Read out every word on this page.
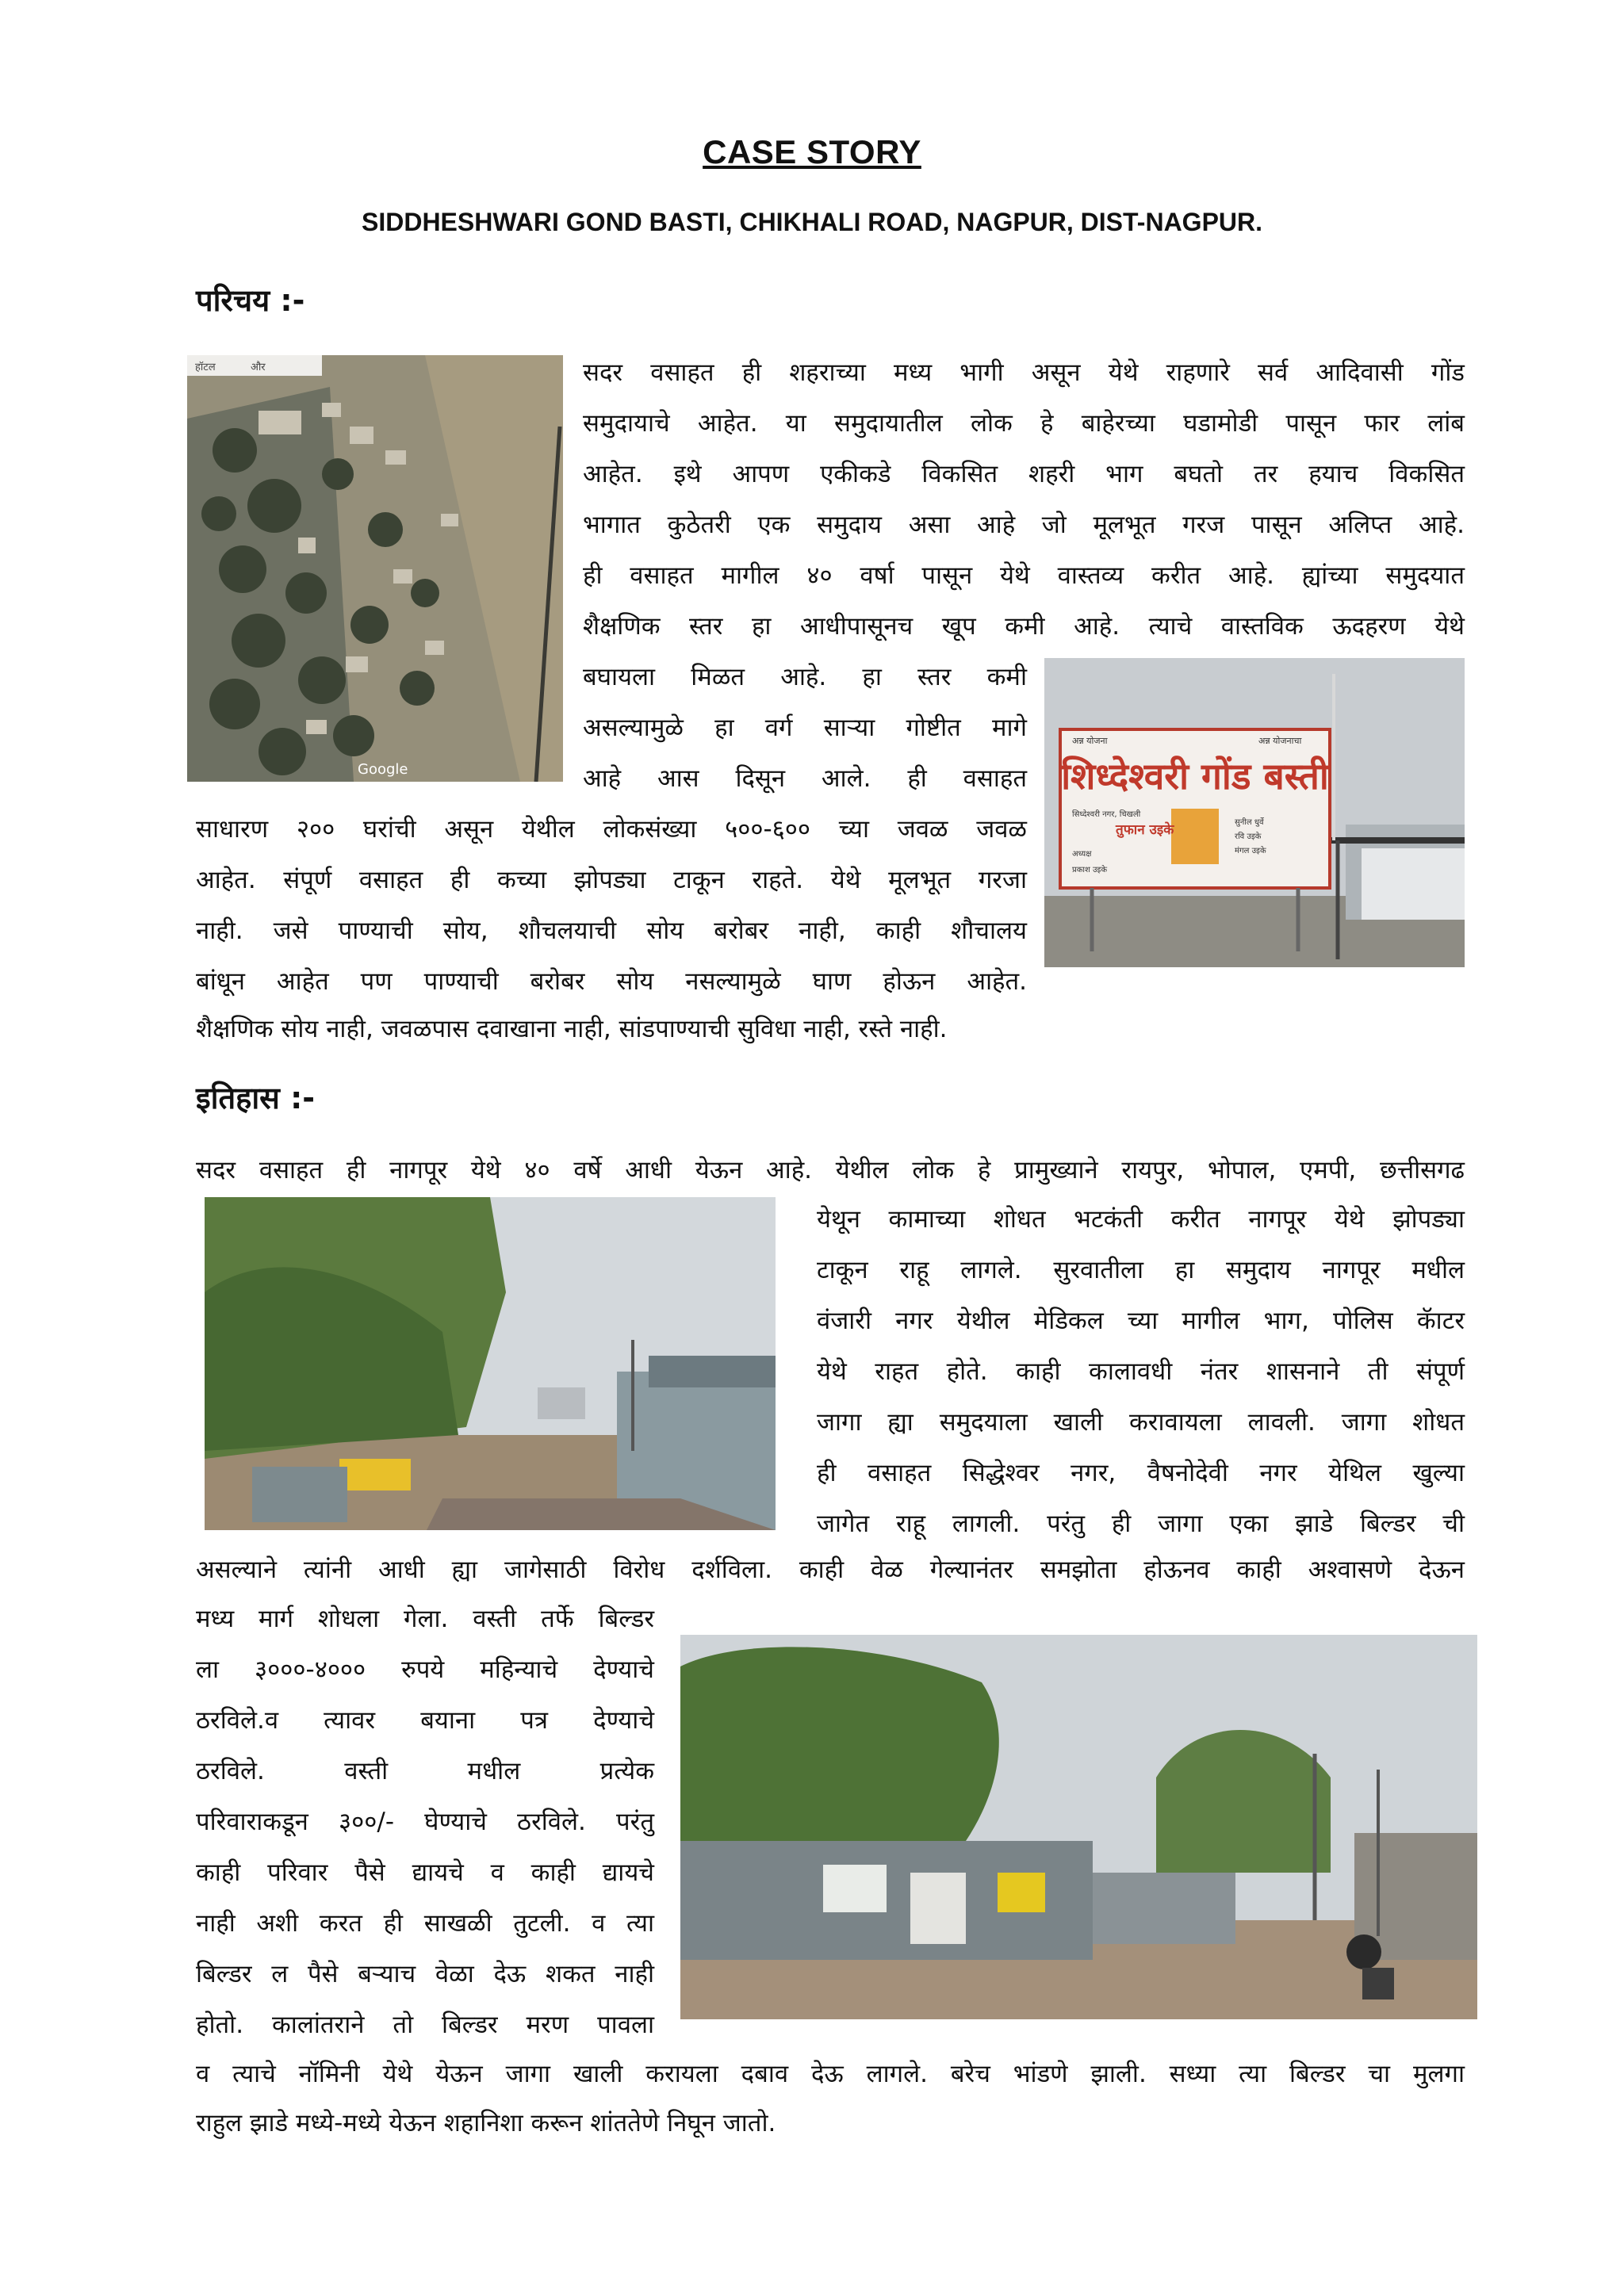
CASE STORY
SIDDHESHWARI GOND BASTI, CHIKHALI ROAD, NAGPUR, DIST-NAGPUR.
परिचय :-
हॉटल	और
Google
अन्न योजना	अन्न योजनाचा
शिध्देश्वरी गोंड बस्ती
सिध्देश्वरी नगर, चिखली
अध्यक्ष
प्रकाश उइके
तुफान उइके	सुनील धुर्वे
रवि उइके
मंगल उइके
सदर वसाहत ही शहराच्या मध्य भागी असून येथे राहणारे सर्व आदिवासी गोंड
समुदायाचे आहेत. या समुदायातील लोक हे बाहेरच्या घडामोडी पासून फार लांब
आहेत. इथे आपण एकीकडे विकसित शहरी भाग बघतो तर हयाच विकसित
भागात कुठेतरी एक समुदाय असा आहे जो मूलभूत गरज पासून अलिप्त आहे.
ही वसाहत मागील ४० वर्षा पासून येथे वास्तव्य करीत आहे. ह्यांच्या समुदयात
शैक्षणिक स्तर हा आधीपासूनच खूप कमी आहे. त्याचे वास्तविक ऊदहरण येथे
बघायला मिळत आहे. हा स्तर कमी
असल्यामुळे हा वर्ग साऱ्या गोष्टीत मागे
आहे आस दिसून आले. ही वसाहत
साधारण २०० घरांची असून येथील लोकसंख्या ५००-६०० च्या जवळ जवळ
आहेत. संपूर्ण वसाहत ही कच्या झोपड्या टाकून राहते. येथे मूलभूत गरजा
नाही. जसे पाण्याची सोय, शौचलयाची सोय बरोबर नाही, काही शौचालय
बांधून आहेत पण पाण्याची बरोबर सोय नसल्यामुळे घाण होऊन आहेत.
शैक्षणिक सोय नाही, जवळपास दवाखाना नाही, सांडपाण्याची सुविधा नाही, रस्ते नाही.
इतिहास :-
सदर वसाहत ही नागपूर येथे ४० वर्षे आधी येऊन आहे. येथील लोक हे प्रामुख्याने रायपुर, भोपाल, एमपी, छत्तीसगढ
येथून कामाच्या शोधत भटकंती करीत नागपूर येथे झोपड्या
टाकून राहू लागले. सुरवातीला हा समुदाय नागपूर मधील
वंजारी नगर येथील मेडिकल च्या मागील भाग, पोलिस कॅाटर
येथे राहत होते. काही कालावधी नंतर शासनाने ती संपूर्ण
जागा ह्या समुदयाला खाली करावायला लावली. जागा शोधत
ही वसाहत सिद्धेश्वर नगर, वैषनोदेवी नगर येथिल खुल्या
जागेत राहू लागली. परंतु ही जागा एका झाडे बिल्डर ची
असल्याने त्यांनी आधी ह्या जागेसाठी विरोध दर्शविला. काही वेळ गेल्यानंतर समझोता होऊनव काही अश्वासणे देऊन
मध्य मार्ग शोधला गेला. वस्ती तर्फे बिल्डर
ला ३०००-४००० रुपये महिन्याचे देण्याचे
ठरविले.व त्यावर बयाना पत्र देण्याचे
ठरविले. वस्ती मधील प्रत्येक
परिवाराकडून ३००/- घेण्याचे ठरविले. परंतु
काही परिवार पैसे द्यायचे व काही द्यायचे
नाही अशी करत ही साखळी तुटली. व त्या
बिल्डर ल पैसे बऱ्याच वेळा देऊ शकत नाही
होतो. कालांतराने तो बिल्डर मरण पावला
व त्याचे नॉमिनी येथे येऊन जागा खाली करायला दबाव देऊ लागले. बरेच भांडणे झाली. सध्या त्या बिल्डर चा मुलगा
राहुल झाडे मध्ये-मध्ये येऊन शहानिशा करून शांततेणे निघून जातो.
